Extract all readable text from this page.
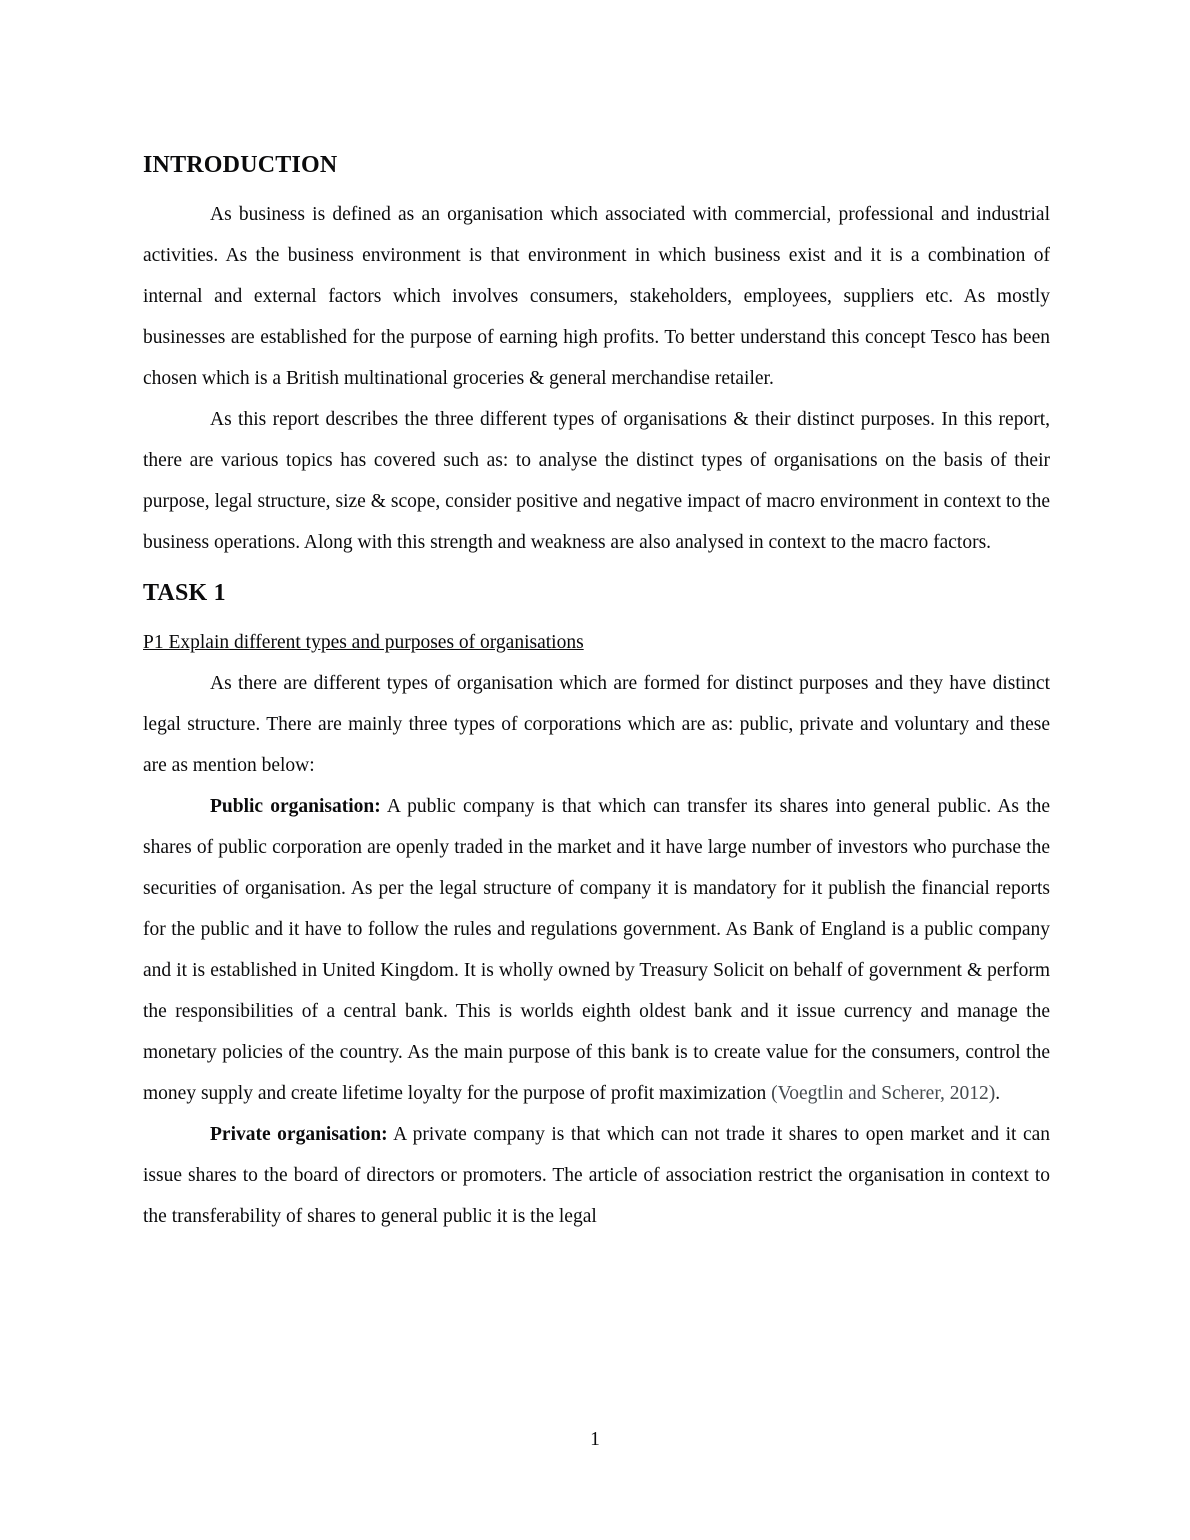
INTRODUCTION

As business is defined as an organisation which associated with commercial, professional and industrial activities. As the business environment is that environment in which business exist and it is a combination of internal and external factors which involves consumers, stakeholders, employees, suppliers etc. As mostly businesses are established for the purpose of earning high profits. To better understand this concept Tesco has been chosen which is a British multinational groceries & general merchandise retailer.

As this report describes the three different types of organisations & their distinct purposes. In this report, there are various topics has covered such as: to analyse the distinct types of organisations on the basis of their purpose, legal structure, size & scope, consider positive and negative impact of macro environment in context to the business operations. Along with this strength and weakness are also analysed in context to the macro factors.

TASK 1

P1 Explain different types and purposes of organisations

As there are different types of organisation which are formed for distinct purposes and they have distinct legal structure. There are mainly three types of corporations which are as: public, private and voluntary and these are as mention below:

Public organisation: A public company is that which can transfer its shares into general public. As the shares of public corporation are openly traded in the market and it have large number of investors who purchase the securities of organisation. As per the legal structure of company it is mandatory for it publish the financial reports for the public and it have to follow the rules and regulations government. As Bank of England is a public company and it is established in United Kingdom. It is wholly owned by Treasury Solicit on behalf of government & perform the responsibilities of a central bank. This is worlds eighth oldest bank and it issue currency and manage the monetary policies of the country. As the main purpose of this bank is to create value for the consumers, control the money supply and create lifetime loyalty for the purpose of profit maximization (Voegtlin and Scherer, 2012).

Private organisation: A private company is that which can not trade it shares to open market and it can issue shares to the board of directors or promoters. The article of association restrict the organisation in context to the transferability of shares to general public it is the legal

1
